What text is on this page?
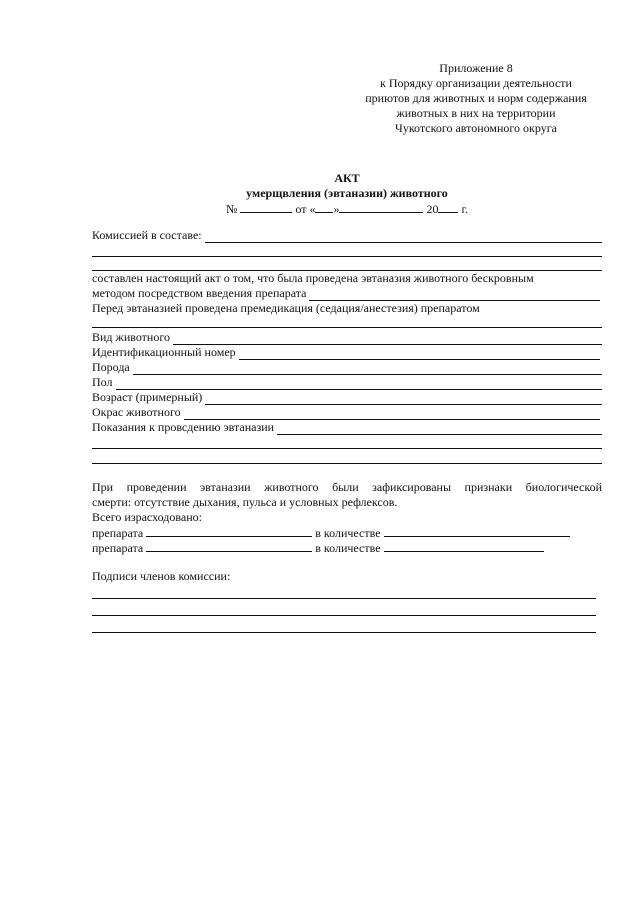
Приложение 8
к Порядку организации деятельности
приютов для животных и норм содержания
животных в них на территории
Чукотского автономного округа
АКТ
умерщвления (эвтаназии) животного
№	от « »	20 г.
Комиссией в составе:
составлен настоящий акт о том, что была проведена эвтаназия животного бескровным
методом посредством введения препарата
Перед эвтаназией проведена премедикация (седация/анестезия) препаратом
Вид животного
Идентификационный номер
Порода
Пол
Возраст (примерный)
Окрас животного
Показания к провсдению эвтаназии
При проведении эвтаназии животного были зафиксированы признаки биологической
смерти: отсутствие дыхания, пульса и условных рефлексов.
Всего израсходовано:
препарата	в количестве
препарата	в количестве
Подписи членов комиссии:
